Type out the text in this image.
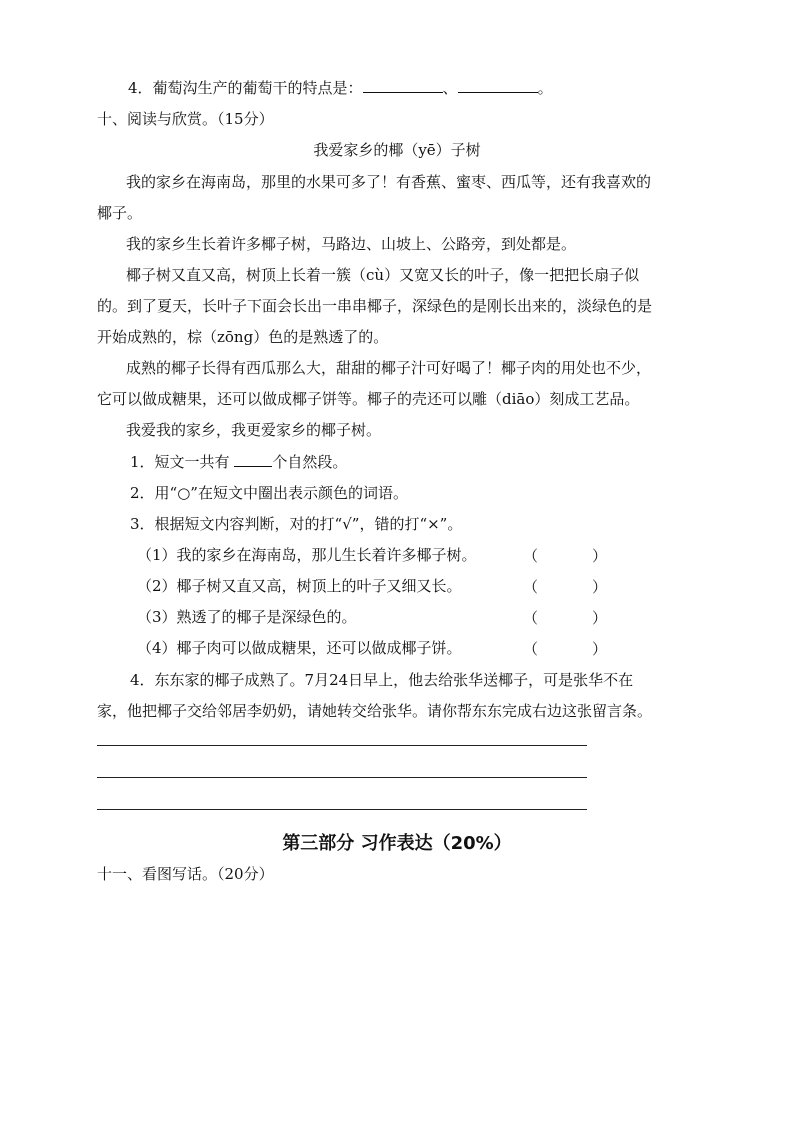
4．葡萄沟生产的葡萄干的特点是：	、	。
十、阅读与欣赏。（15分）
我爱家乡的椰（yē）子树
我的家乡在海南岛，那里的水果可多了！有香蕉、蜜枣、西瓜等，还有我喜欢的
椰子。
我的家乡生长着许多椰子树，马路边、山坡上、公路旁，到处都是。
椰子树又直又高，树顶上长着一簇（cù）又宽又长的叶子，像一把把长扇子似
的。到了夏天，长叶子下面会长出一串串椰子，深绿色的是刚长出来的，淡绿色的是
开始成熟的，棕（zōng）色的是熟透了的。
成熟的椰子长得有西瓜那么大，甜甜的椰子汁可好喝了！椰子肉的用处也不少，
它可以做成糖果，还可以做成椰子饼等。椰子的壳还可以雕（diāo）刻成工艺品。
我爱我的家乡，我更爱家乡的椰子树。
1．短文一共有	个自然段。
2．用“○”在短文中圈出表示颜色的词语。
3．根据短文内容判断，对的打“√”，错的打“×”。
（1）我的家乡在海南岛，那儿生长着许多椰子树。	（	）
（2）椰子树又直又高，树顶上的叶子又细又长。	（	）
（3）熟透了的椰子是深绿色的。	（	）
（4）椰子肉可以做成糖果，还可以做成椰子饼。	（	）
4．东东家的椰子成熟了。7月24日早上，他去给张华送椰子，可是张华不在
家，他把椰子交给邻居李奶奶，请她转交给张华。请你帮东东完成右边这张留言条。
第三部分 习作表达（20%）
十一、看图写话。（20分）
